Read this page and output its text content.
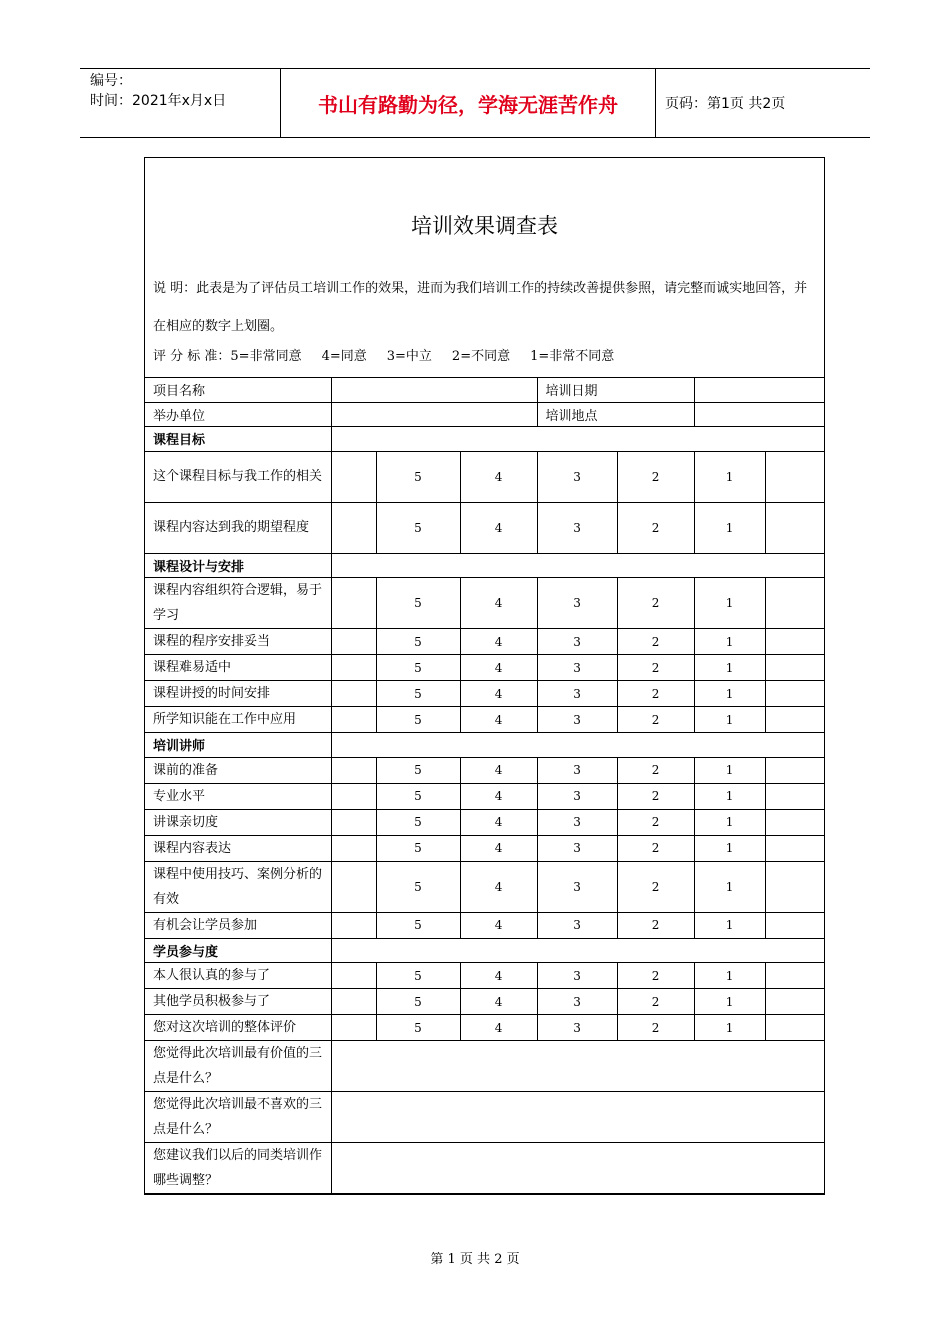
编号：
时间：2021年x月x日	书山有路勤为径，学海无涯苦作舟	页码：第1页 共2页
培训效果调查表
说 明：此表是为了评估员工培训工作的效果，进而为我们培训工作的持续改善提供参照，请完整而诚实地回答，并在相应的数字上划圈。
评 分 标 准：5=非常同意 4=同意 3=中立 2=不同意 1=非常不同意
项目名称				培训日期			
举办单位				培训地点			
课程目标							
这个课程目标与我工作的相关		5	4	3	2	1	
课程内容达到我的期望程度		5	4	3	2	1	
课程设计与安排							
课程内容组织符合逻辑，易于学习		5	4	3	2	1	
课程的程序安排妥当		5	4	3	2	1	
课程难易适中		5	4	3	2	1	
课程讲授的时间安排		5	4	3	2	1	
所学知识能在工作中应用		5	4	3	2	1	
培训讲师							
课前的准备		5	4	3	2	1	
专业水平		5	4	3	2	1	
讲课亲切度		5	4	3	2	1	
课程内容表达		5	4	3	2	1	
课程中使用技巧、案例分析的有效		5	4	3	2	1	
有机会让学员参加		5	4	3	2	1	
学员参与度							
本人很认真的参与了		5	4	3	2	1	
其他学员积极参与了		5	4	3	2	1	
您对这次培训的整体评价		5	4	3	2	1	
您觉得此次培训最有价值的三点是什么？							
您觉得此次培训最不喜欢的三点是什么？							
您建议我们以后的同类培训作哪些调整？							
第 1 页 共 2 页
